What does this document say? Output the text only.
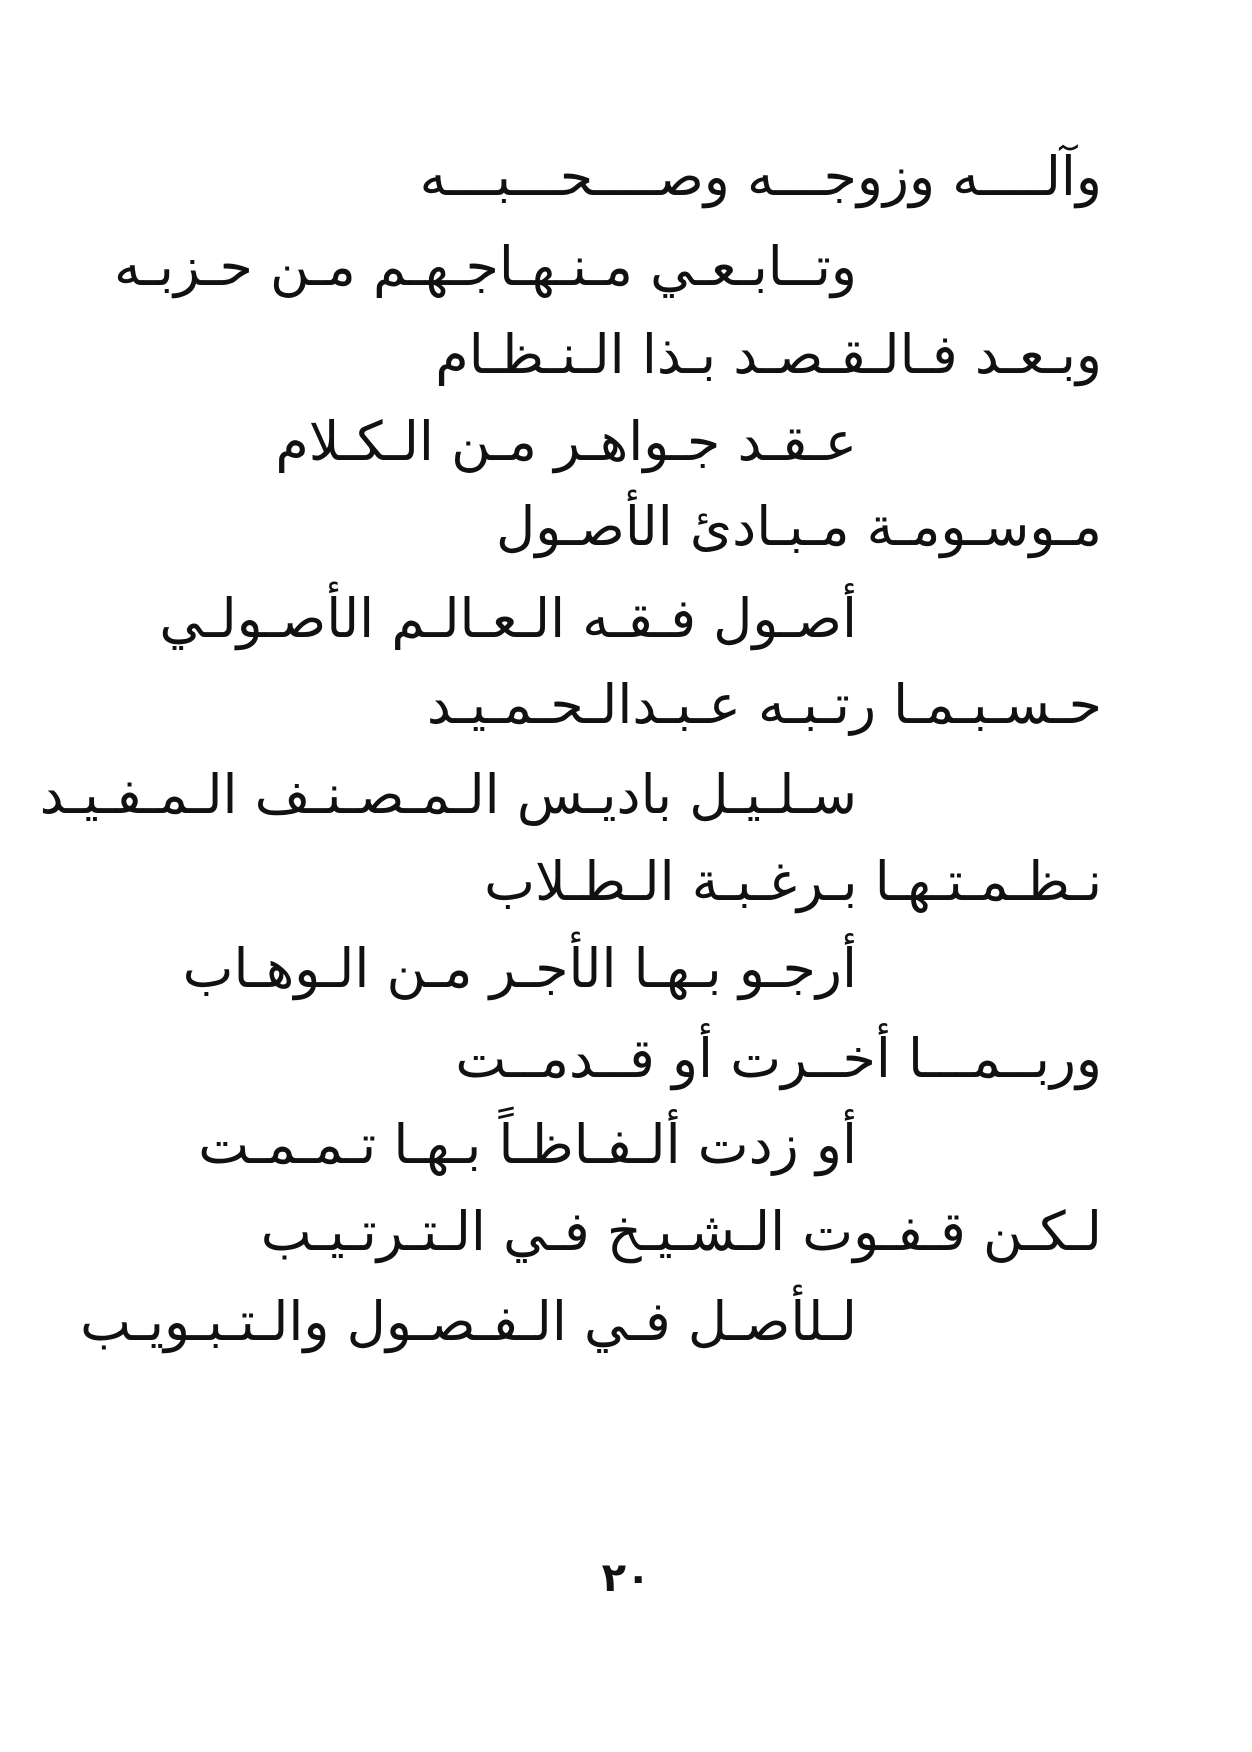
وآلــــه وزوجـــه وصــــحـــبـــه
وتــابـعـي مـنـهـاجـهـم مـن حـزبـه
وبـعـد فـالـقـصـد بـذا الـنـظـام
عـقـد جـواهـر مـن الـكـلام
مـوسـومـة مـبـادئ الأصـول
أصـول فـقـه الـعـالـم الأصـولـي
حـسـبـمـا رتـبـه عـبـدالـحـمـيـد
سـلـيـل باديـس الـمـصـنـف الـمـفـيـد
نـظـمـتـهـا بـرغـبـة الـطـلاب
أرجـو بـهـا الأجـر مـن الـوهـاب
وربــمـــا أخــرت أو قــدمــت
أو زدت ألـفـاظـاً بـهـا تـمـمـت
لـكـن قـفـوت الـشـيـخ فـي الـتـرتـيـب
لـلأصـل فـي الـفـصـول والـتـبـويـب
٢٠
